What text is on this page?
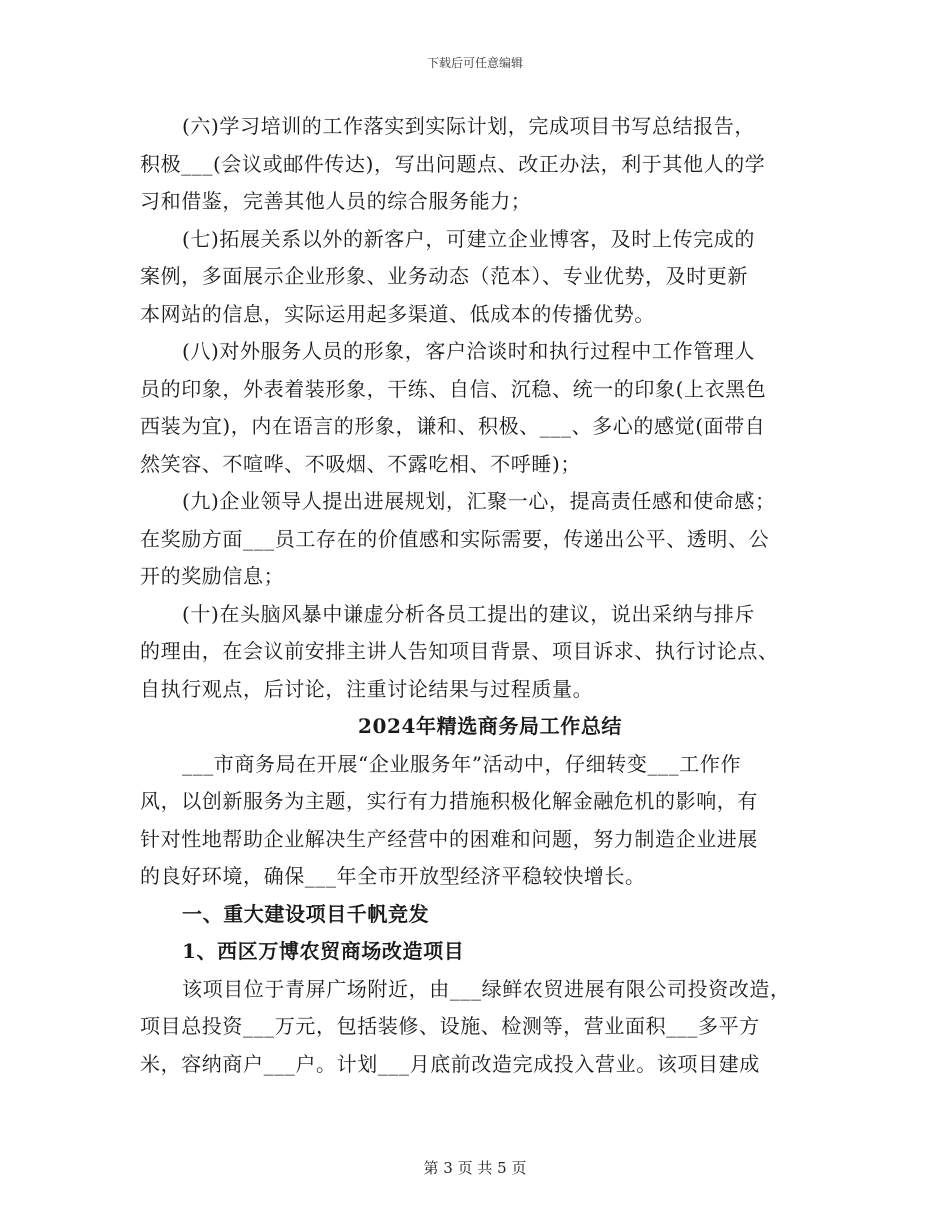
下载后可任意编辑
(六)学习培训的工作落实到实际计划，完成项目书写总结报告，
积极___(会议或邮件传达)，写出问题点、改正办法，利于其他人的学
习和借鉴，完善其他人员的综合服务能力；
(七)拓展关系以外的新客户，可建立企业博客，及时上传完成的
案例，多面展示企业形象、业务动态（范本）、专业优势，及时更新
本网站的信息，实际运用起多渠道、低成本的传播优势。
(八)对外服务人员的形象，客户洽谈时和执行过程中工作管理人
员的印象，外表着装形象，干练、自信、沉稳、统一的印象(上衣黑色
西装为宜)，内在语言的形象，谦和、积极、___、多心的感觉(面带自
然笑容、不喧哗、不吸烟、不露吃相、不呼睡)；
(九)企业领导人提出进展规划，汇聚一心，提高责任感和使命感；
在奖励方面___员工存在的价值感和实际需要，传递出公平、透明、公
开的奖励信息；
(十)在头脑风暴中谦虚分析各员工提出的建议，说出采纳与排斥
的理由，在会议前安排主讲人告知项目背景、项目诉求、执行讨论点、
自执行观点，后讨论，注重讨论结果与过程质量。
2024年精选商务局工作总结
___市商务局在开展“企业服务年”活动中，仔细转变___工作作
风，以创新服务为主题，实行有力措施积极化解金融危机的影响，有
针对性地帮助企业解决生产经营中的困难和问题，努力制造企业进展
的良好环境，确保___年全市开放型经济平稳较快增长。
一、重大建设项目千帆竞发
1、西区万博农贸商场改造项目
该项目位于青屏广场附近，由___绿鲜农贸进展有限公司投资改造，
项目总投资___万元，包括装修、设施、检测等，营业面积___多平方
米，容纳商户___户。计划___月底前改造完成投入营业。该项目建成
第 3 页 共 5 页
